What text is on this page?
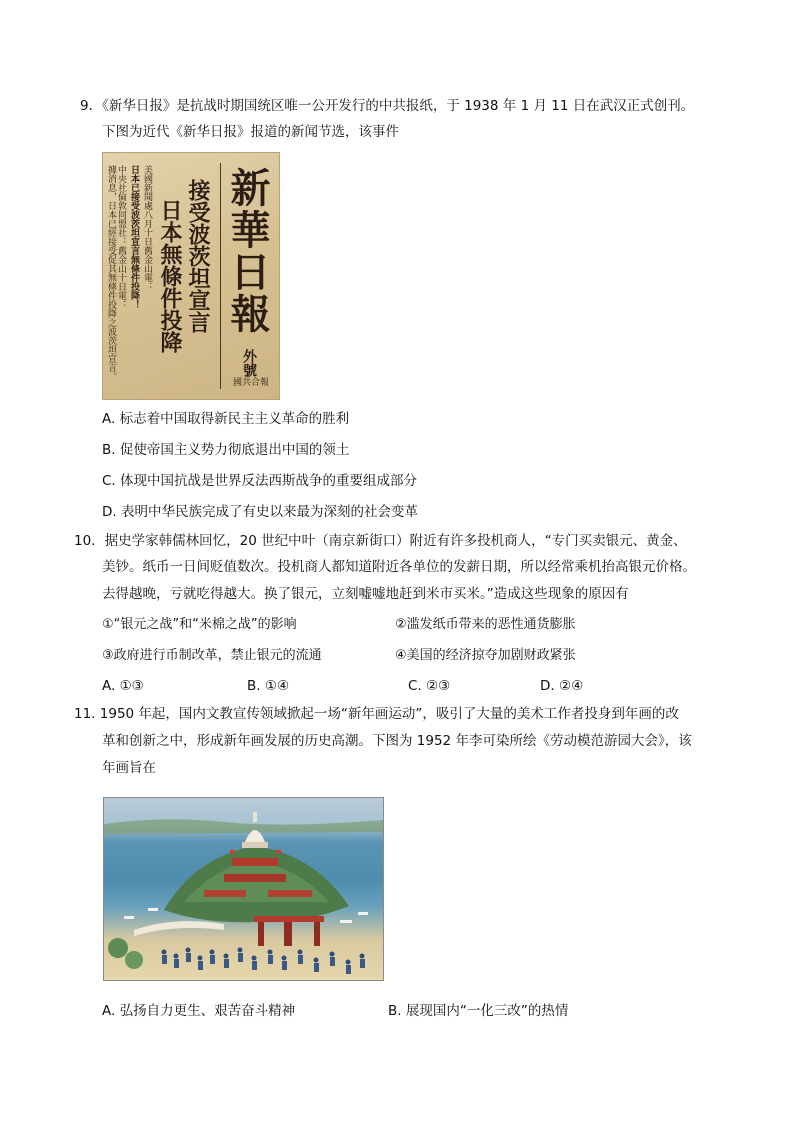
9．《新华日报》是抗战时期国统区唯一公开发行的中共报纸，于 1938 年 1 月 11 日在武汉正式创刊。
下图为近代《新华日报》报道的新闻节选，该事件
新華日報
外號
接受波茨坦宣言
日本無條件投降
美國新聞處八月十日舊金山電：
日本已接受波茨坦宣言無條件投降！
中央社倫敦同盟社：舊金山十日電：
據消息，日本已經接受促其無條件投降之波茨坦宣言。
國共合報
A. 标志着中国取得新民主主义革命的胜利
B. 促使帝国主义势力彻底退出中国的领土
C. 体现中国抗战是世界反法西斯战争的重要组成部分
D. 表明中华民族完成了有史以来最为深刻的社会变革
10．据史学家韩儒林回忆，20 世纪中叶（南京新街口）附近有许多投机商人，“专门买卖银元、黄金、
美钞。纸币一日间贬值数次。投机商人都知道附近各单位的发薪日期，所以经常乘机抬高银元价格。
去得越晚，亏就吃得越大。换了银元，立刻嘘嘘地赶到米市买米。”造成这些现象的原因有
①“银元之战”和“米棉之战”的影响	②滥发纸币带来的恶性通货膨胀
③政府进行币制改革，禁止银元的流通	④美国的经济掠夺加剧财政紧张
A. ①③	B. ①④	C. ②③	D. ②④
11. 1950 年起，国内文教宣传领域掀起一场“新年画运动”，吸引了大量的美术工作者投身到年画的改
革和创新之中，形成新年画发展的历史高潮。下图为 1952 年李可染所绘《劳动模范游园大会》，该
年画旨在
A. 弘扬自力更生、艰苦奋斗精神	B. 展现国内“一化三改”的热情
